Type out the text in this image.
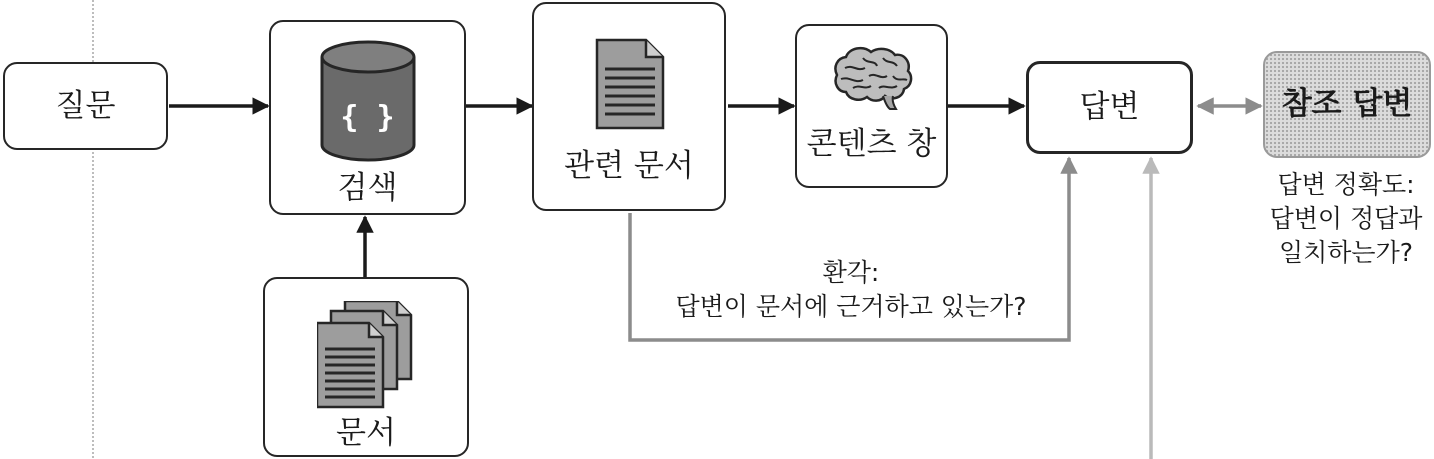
질문	{ }
검색
문서
관련 문서
콘텐츠 창
답변	참조 답변
환각:
답변이 문서에 근거하고 있는가?
답변 정확도:
답변이 정답과
일치하는가?
